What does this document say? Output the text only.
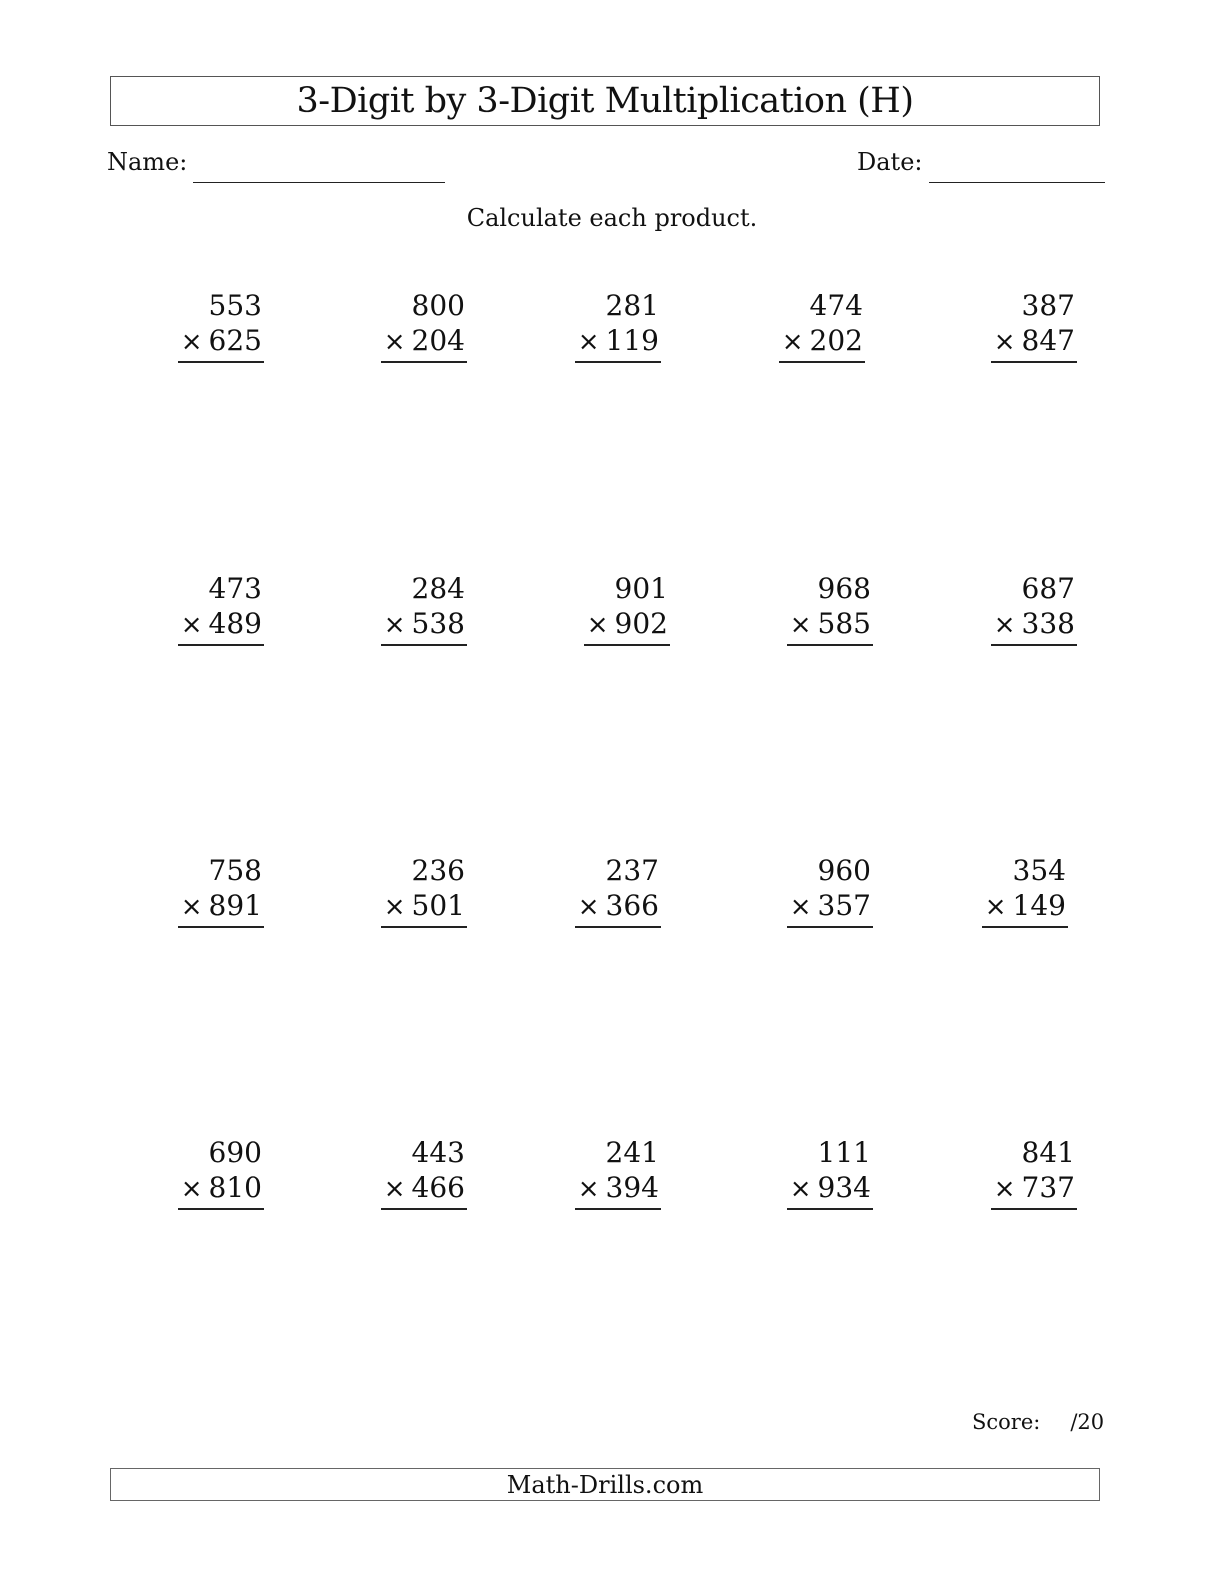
3-Digit by 3-Digit Multiplication (H)
Name:	Date:
Calculate each product.
553
× 625
800
× 204
281
× 119
474
× 202
387
× 847
473
× 489
284
× 538
901
× 902
968
× 585
687
× 338
758
× 891
236
× 501
237
× 366
960
× 357
354
× 149
690
× 810
443
× 466
241
× 394
111
× 934
841
× 737
Score: /20
Math-Drills.com
